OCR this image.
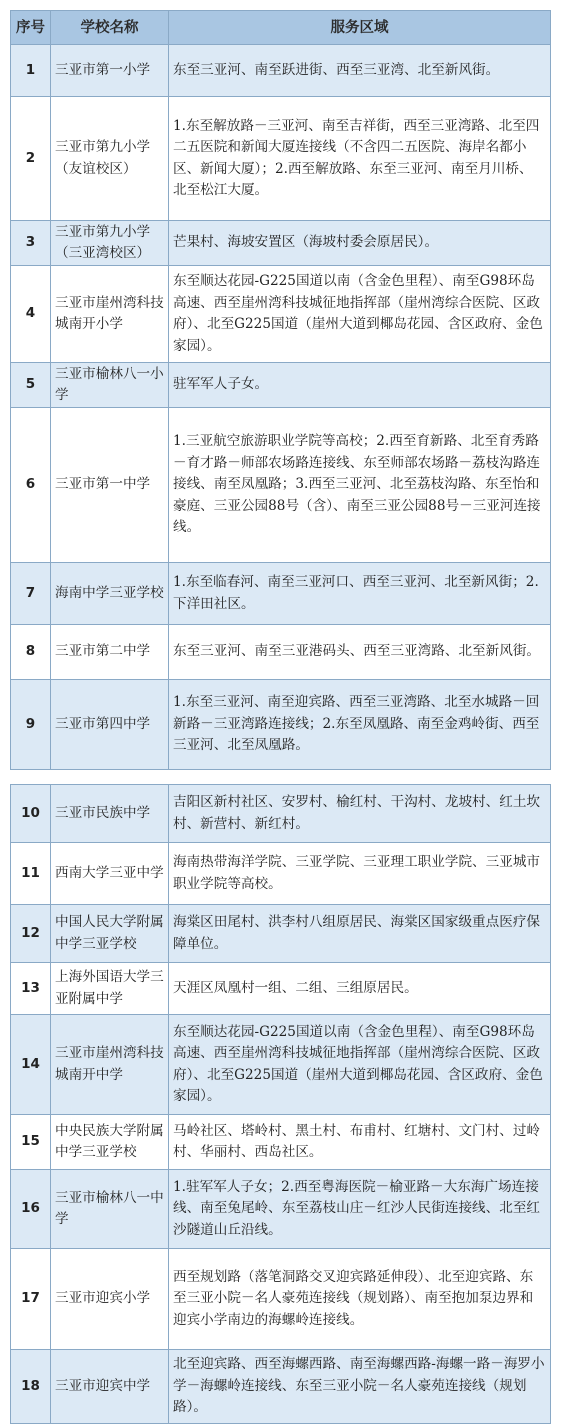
序号	学校名称	服务区域
1	三亚市第一小学	东至三亚河、南至跃进街、西至三亚湾、北至新风街。
2	三亚市第九小学（友谊校区）	1.东至解放路－三亚河、南至吉祥街，西至三亚湾路、北至四二五医院和新闻大厦连接线（不含四二五医院、海岸名都小区、新闻大厦）；2.西至解放路、东至三亚河、南至月川桥、北至松江大厦。
3	三亚市第九小学（三亚湾校区）	芒果村、海坡安置区（海坡村委会原居民）。
4	三亚市崖州湾科技城南开小学	东至顺达花园-G225国道以南（含金色里程）、南至G98环岛高速、西至崖州湾科技城征地指挥部（崖州湾综合医院、区政府）、北至G225国道（崖州大道到椰岛花园、含区政府、金色家园）。
5	三亚市榆林八一小学	驻军军人子女。
6	三亚市第一中学	1.三亚航空旅游职业学院等高校；2.西至育新路、北至育秀路－育才路－师部农场路连接线、东至师部农场路－荔枝沟路连接线、南至凤凰路；3.西至三亚河、北至荔枝沟路、东至怡和豪庭、三亚公园88号（含）、南至三亚公园88号－三亚河连接线。
7	海南中学三亚学校	1.东至临春河、南至三亚河口、西至三亚河、北至新风街；2.下洋田社区。
8	三亚市第二中学	东至三亚河、南至三亚港码头、西至三亚湾路、北至新风街。
9	三亚市第四中学	1.东至三亚河、南至迎宾路、西至三亚湾路、北至水城路－回新路－三亚湾路连接线；2.东至凤凰路、南至金鸡岭街、西至三亚河、北至凤凰路。
10	三亚市民族中学	吉阳区新村社区、安罗村、榆红村、干沟村、龙坡村、红土坎村、新营村、新红村。
11	西南大学三亚中学	海南热带海洋学院、三亚学院、三亚理工职业学院、三亚城市职业学院等高校。
12	中国人民大学附属中学三亚学校	海棠区田尾村、洪李村八组原居民、海棠区国家级重点医疗保障单位。
13	上海外国语大学三亚附属中学	天涯区凤凰村一组、二组、三组原居民。
14	三亚市崖州湾科技城南开中学	东至顺达花园-G225国道以南（含金色里程）、南至G98环岛高速、西至崖州湾科技城征地指挥部（崖州湾综合医院、区政府）、北至G225国道（崖州大道到椰岛花园、含区政府、金色家园）。
15	中央民族大学附属中学三亚学校	马岭社区、塔岭村、黑土村、布甫村、红塘村、文门村、过岭村、华丽村、西岛社区。
16	三亚市榆林八一中学	1.驻军军人子女；2.西至粤海医院－榆亚路－大东海广场连接线、南至兔尾岭、东至荔枝山庄－红沙人民街连接线、北至红沙隧道山丘沿线。
17	三亚市迎宾小学	西至规划路（落笔洞路交叉迎宾路延伸段）、北至迎宾路、东至三亚小院－名人豪苑连接线（规划路）、南至抱加泵边界和迎宾小学南边的海螺岭连接线。
18	三亚市迎宾中学	北至迎宾路、西至海螺西路、南至海螺西路-海螺一路－海罗小学－海螺岭连接线、东至三亚小院－名人豪苑连接线（规划路）。
